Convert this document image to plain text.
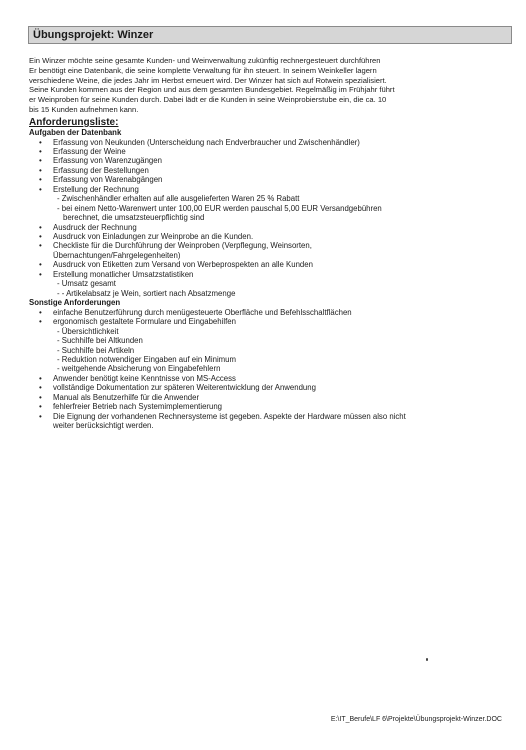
Übungsprojekt: Winzer
Ein Winzer möchte seine gesamte Kunden- und Weinverwaltung zukünftig rechnergesteuert durchführen
Er benötigt eine Datenbank, die seine komplette Verwaltung für ihn steuert. In seinem Weinkeller lagern
verschiedene Weine, die jedes Jahr im Herbst erneuert wird. Der Winzer hat sich auf Rotwein spezialisiert.
Seine Kunden kommen aus der Region und aus dem gesamten Bundesgebiet. Regelmäßig im Frühjahr führt
er Weinproben für seine Kunden durch. Dabei lädt er die Kunden in seine Weinprobierstube ein, die ca. 10
bis 15 Kunden aufnehmen kann.
Anforderungsliste:
Aufgaben der Datenbank
• Erfassung von Neukunden (Unterscheidung nach Endverbraucher und Zwischenhändler)
• Erfassung der Weine
• Erfassung von Warenzugängen
• Erfassung der Bestellungen
• Erfassung von Warenabgängen
• Erstellung der Rechnung
- Zwischenhändler erhalten auf alle ausgelieferten Waren 25 % Rabatt
- bei einem Netto-Warenwert unter 100,00 EUR werden pauschal 5,00 EUR Versandgebühren
berechnet, die umsatzsteuerpflichtig sind
• Ausdruck der Rechnung
• Ausdruck von Einladungen zur Weinprobe an die Kunden.
• Checkliste für die Durchführung der Weinproben (Verpflegung, Weinsorten,
Übernachtungen/Fahrgelegenheiten)
• Ausdruck von Etiketten zum Versand von Werbeprospekten an alle Kunden
• Erstellung monatlicher Umsatzstatistiken
- Umsatz gesamt
- - Artikelabsatz je Wein, sortiert nach Absatzmenge
Sonstige Anforderungen
• einfache Benutzerführung durch menügesteuerte Oberfläche und Befehlsschaltflächen
• ergonomisch gestaltete Formulare und Eingabehilfen
- Übersichtlichkeit
- Suchhilfe bei Altkunden
- Suchhilfe bei Artikeln
- Reduktion notwendiger Eingaben auf ein Minimum
- weitgehende Absicherung von Eingabefehlern
• Anwender benötigt keine Kenntnisse von MS-Access
• vollständige Dokumentation zur späteren Weiterentwicklung der Anwendung
• Manual als Benutzerhilfe für die Anwender
• fehlerfreier Betrieb nach Systemimplementierung
• Die Eignung der vorhandenen Rechnersysteme ist gegeben. Aspekte der Hardware müssen also nicht
weiter berücksichtigt werden.
E:\IT_Berufe\LF 6\Projekte\Übungsprojekt-Winzer.DOC
